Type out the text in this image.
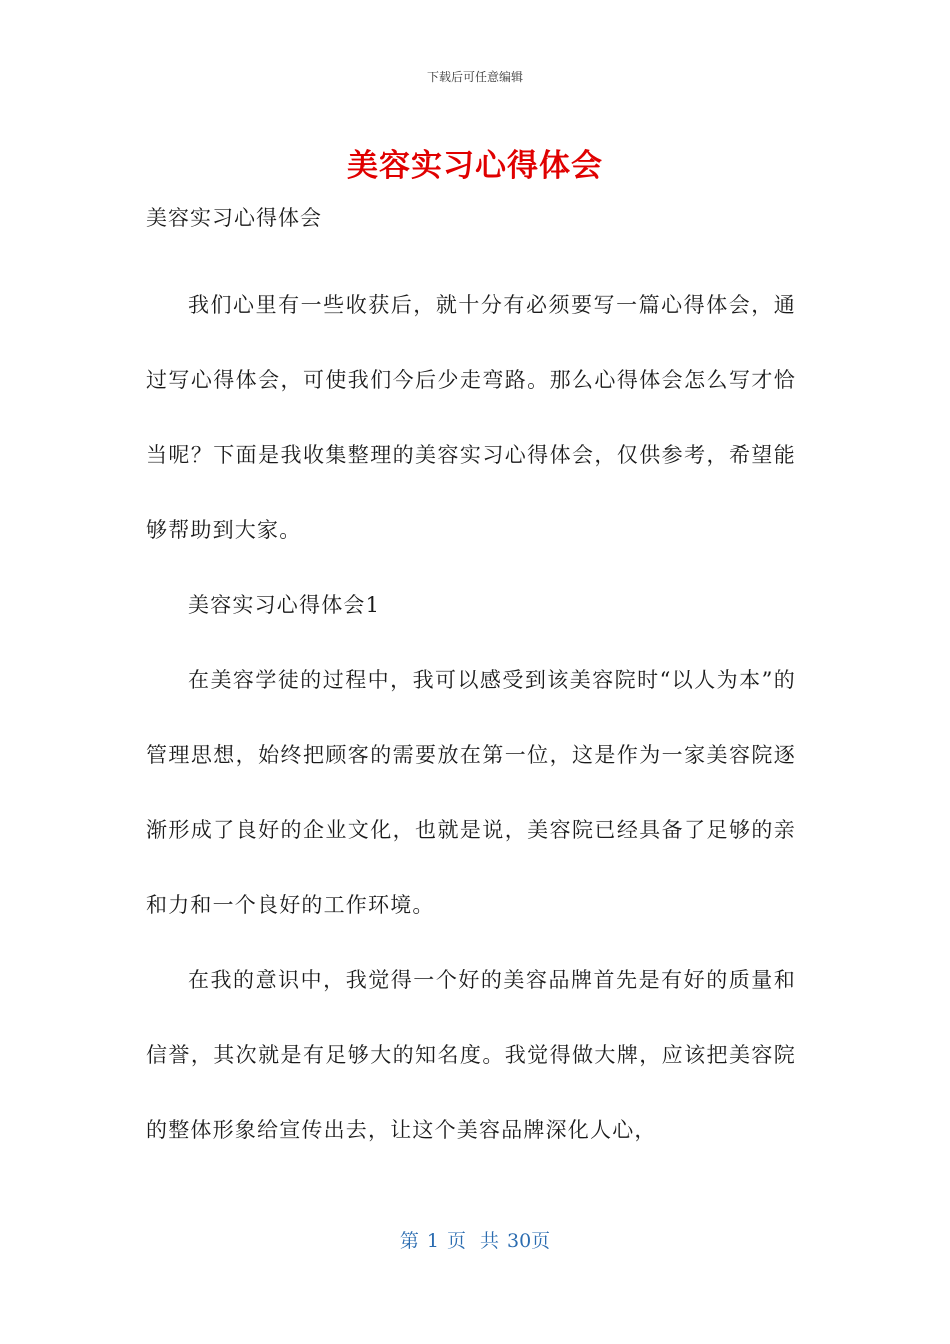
下载后可任意编辑
美容实习心得体会
美容实习心得体会

我们心里有一些收获后，就十分有必须要写一篇心得体会，通过写心得体会，可使我们今后少走弯路。那么心得体会怎么写才恰当呢？下面是我收集整理的美容实习心得体会，仅供参考，希望能够帮助到大家。

美容实习心得体会1

在美容学徒的过程中，我可以感受到该美容院时“以人为本”的管理思想，始终把顾客的需要放在第一位，这是作为一家美容院逐渐形成了良好的企业文化，也就是说，美容院已经具备了足够的亲和力和一个良好的工作环境。

在我的意识中，我觉得一个好的美容品牌首先是有好的质量和信誉，其次就是有足够大的知名度。我觉得做大牌，应该把美容院的整体形象给宣传出去，让这个美容品牌深化人心，

第 1 页 共 30页
